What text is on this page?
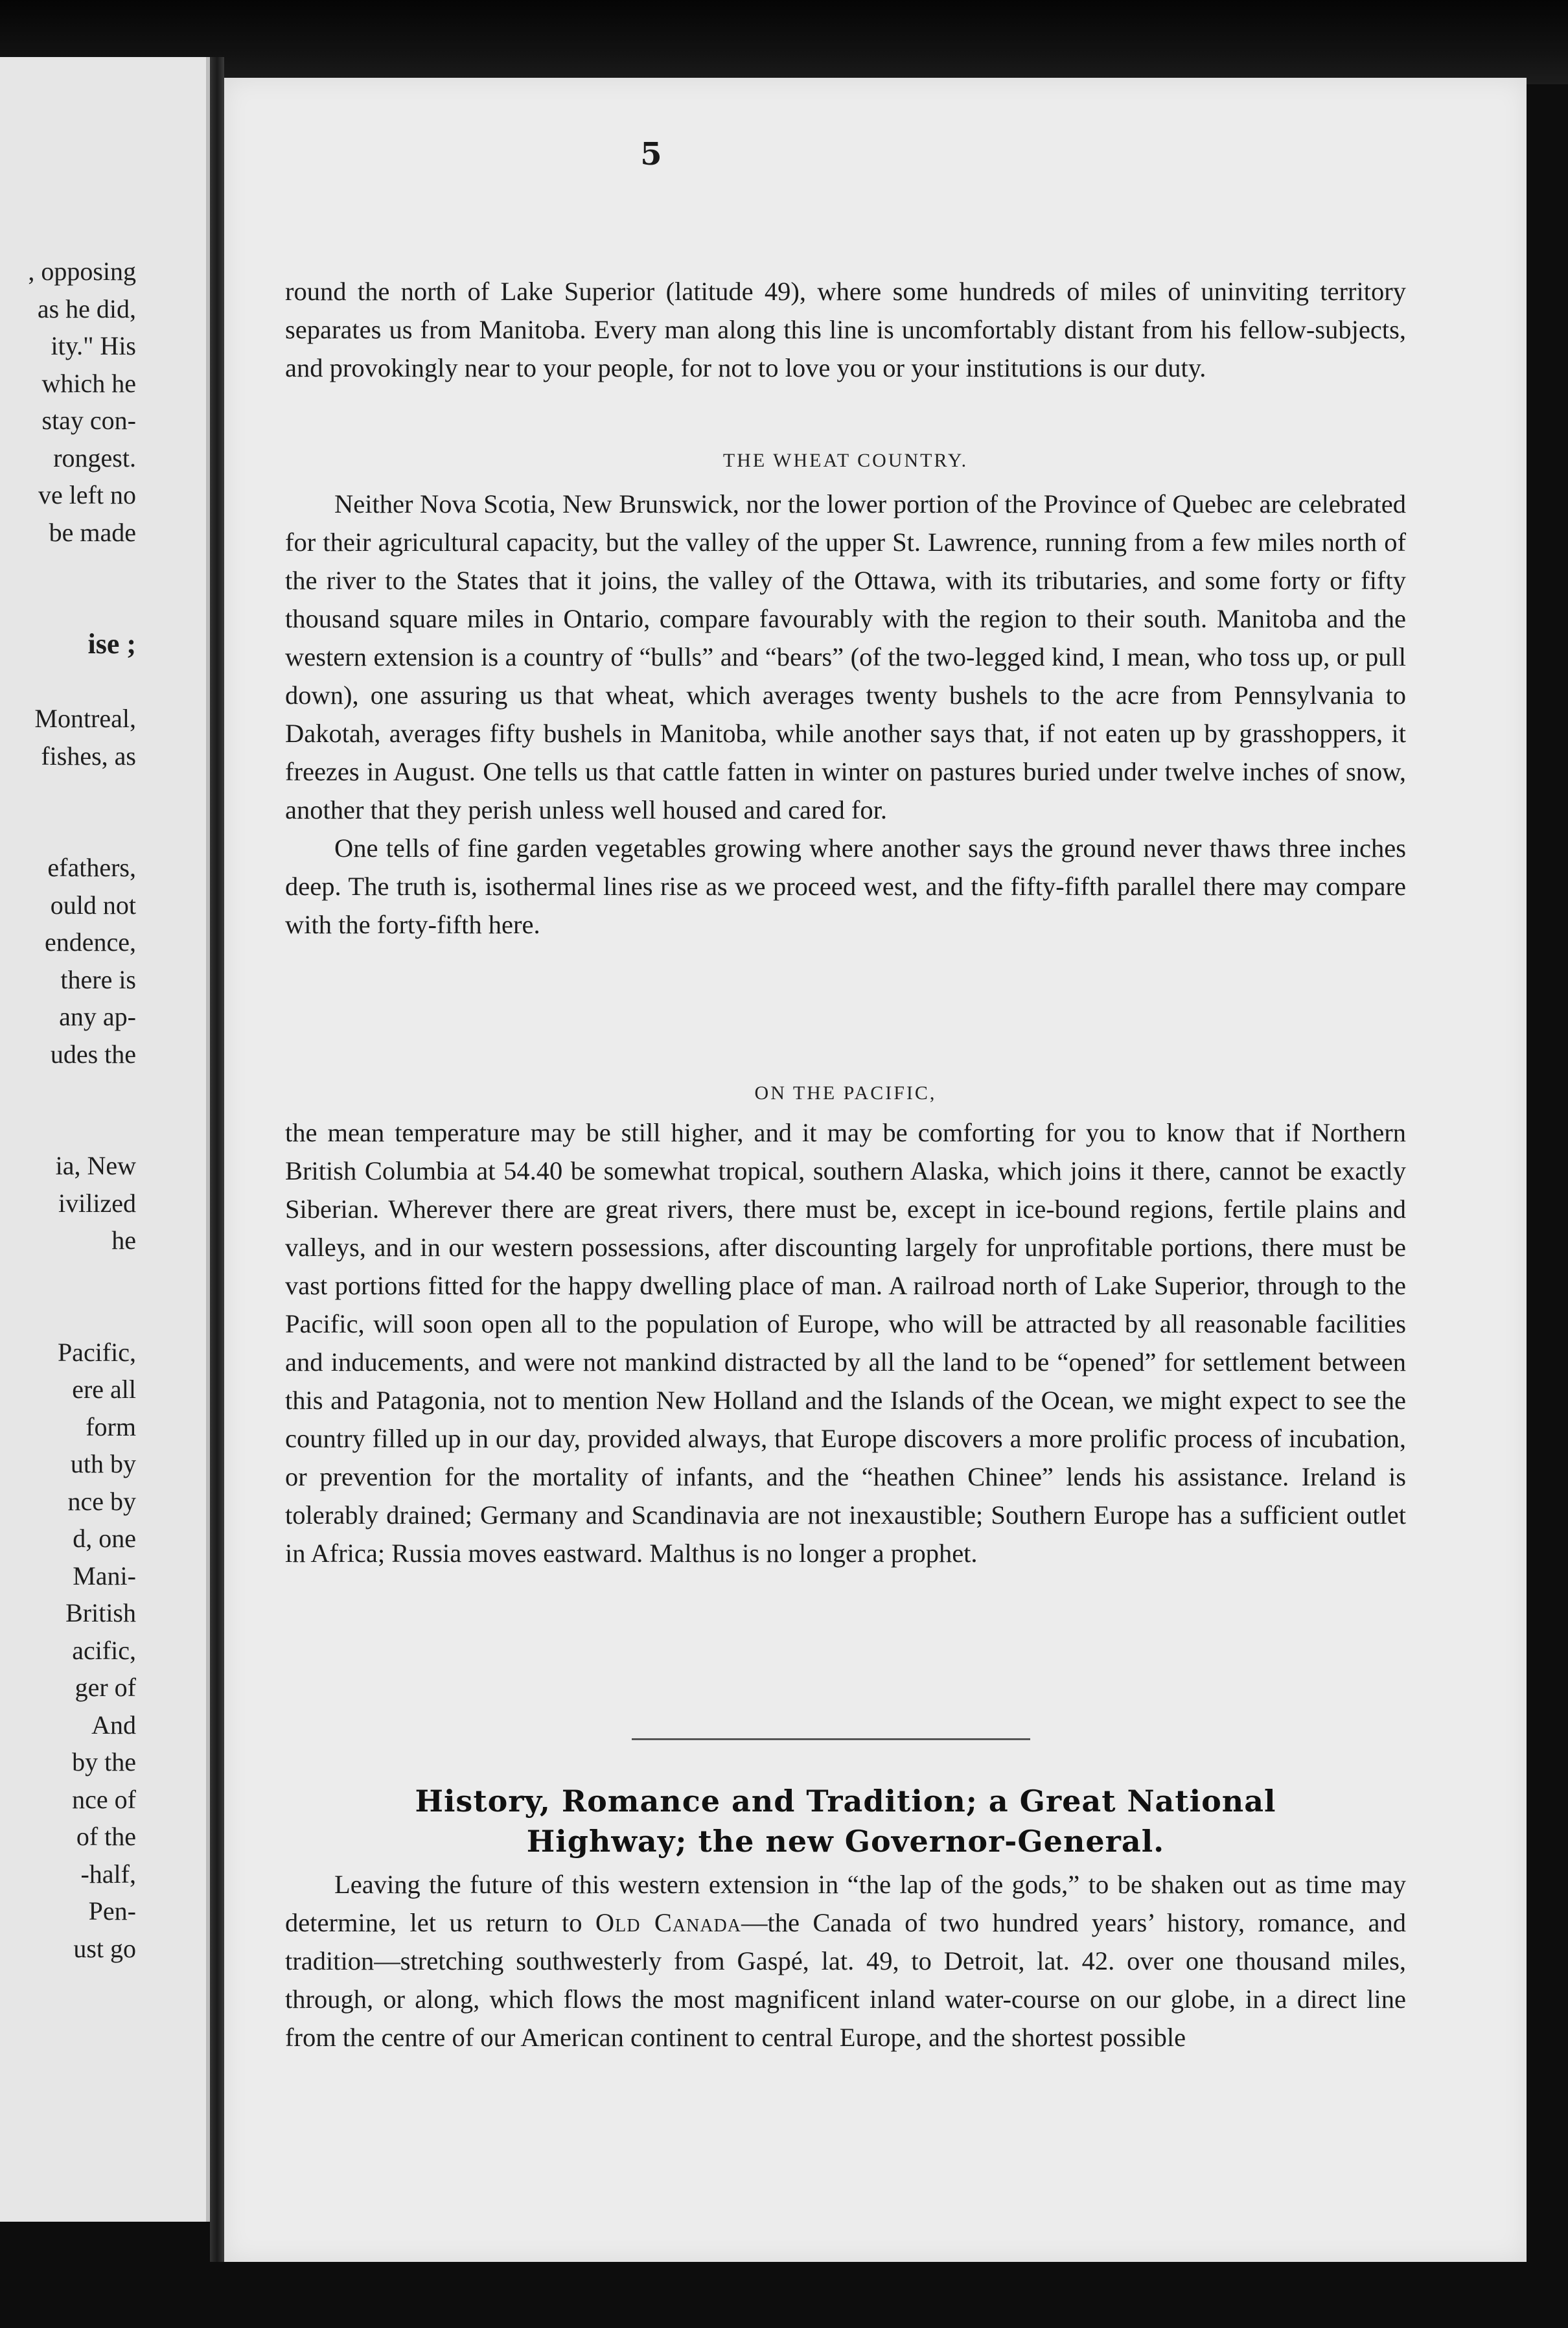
, opposing
as he did,
ity." His
which he
stay con-
rongest.
ve left no
be made
ise ;
Montreal,
fishes, as
efathers,
ould not
endence,
there is
any ap-
udes the
ia, New
ivilized
he
Pacific,
ere all
form
uth by
nce by
d, one
Mani-
British
acific,
ger of
And
by the
nce of
of the
-half,
Pen-
ust go
5

round the north of Lake Superior (latitude 49), where some hundreds of miles of uninviting territory separates us from Manitoba. Every man along this line is uncomfortably distant from his fellow-subjects, and provokingly near to your people, for not to love you or your institutions is our duty.

THE WHEAT COUNTRY.

Neither Nova Scotia, New Brunswick, nor the lower portion of the Province of Quebec are celebrated for their agricultural capacity, but the valley of the upper St. Lawrence, running from a few miles north of the river to the States that it joins, the valley of the Ottawa, with its tributaries, and some forty or fifty thousand square miles in Ontario, compare favourably with the region to their south. Manitoba and the western extension is a country of “bulls” and “bears” (of the two-legged kind, I mean, who toss up, or pull down), one assuring us that wheat, which averages twenty bushels to the acre from Pennsylvania to Dakotah, averages fifty bushels in Manitoba, while another says that, if not eaten up by grasshoppers, it freezes in August. One tells us that cattle fatten in winter on pastures buried under twelve inches of snow, another that they perish unless well housed and cared for.

One tells of fine garden vegetables growing where another says the ground never thaws three inches deep. The truth is, isothermal lines rise as we proceed west, and the fifty-fifth parallel there may compare with the forty-fifth here.

ON THE PACIFIC,

the mean temperature may be still higher, and it may be comforting for you to know that if Northern British Columbia at 54.40 be somewhat tropical, southern Alaska, which joins it there, cannot be exactly Siberian. Wherever there are great rivers, there must be, except in ice-bound regions, fertile plains and valleys, and in our western possessions, after discounting largely for unprofitable portions, there must be vast portions fitted for the happy dwelling place of man. A railroad north of Lake Superior, through to the Pacific, will soon open all to the population of Europe, who will be attracted by all reasonable facilities and inducements, and were not mankind distracted by all the land to be “opened” for settlement between this and Patagonia, not to mention New Holland and the Islands of the Ocean, we might expect to see the country filled up in our day, provided always, that Europe discovers a more prolific process of incubation, or prevention for the mortality of infants, and the “heathen Chinee” lends his assistance. Ireland is tolerably drained; Germany and Scandinavia are not inexaustible; Southern Europe has a sufficient outlet in Africa; Russia moves eastward. Malthus is no longer a prophet.

History, Romance and Tradition; a Great National
Highway; the new Governor-General.

Leaving the future of this western extension in “the lap of the gods,” to be shaken out as time may determine, let us return to Old Canada—the Canada of two hundred years’ history, romance, and tradition—stretching southwesterly from Gaspé, lat. 49, to Detroit, lat. 42. over one thousand miles, through, or along, which flows the most magnificent inland water-course on our globe, in a direct line from the centre of our American continent to central Europe, and the shortest possible
